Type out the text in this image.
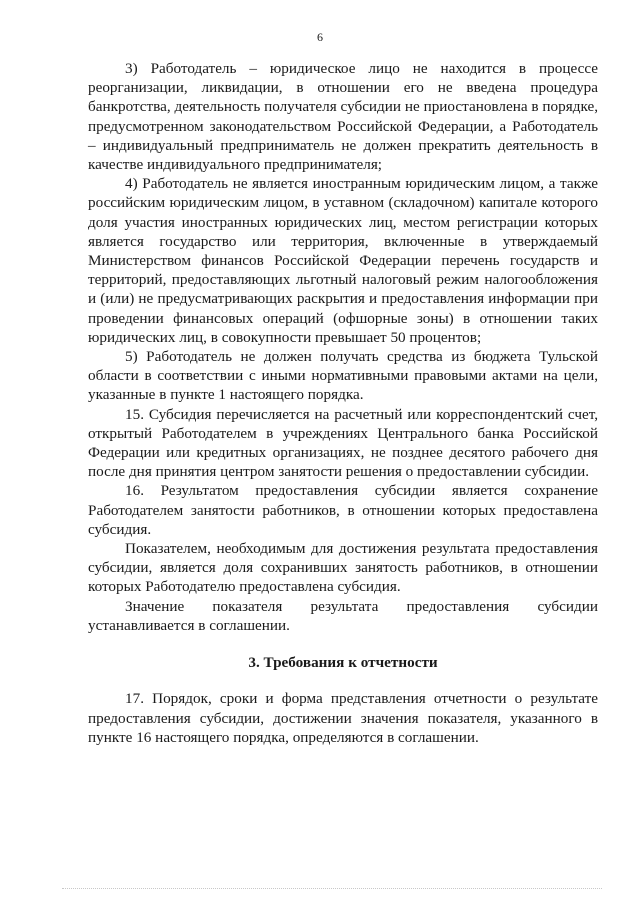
6

3) Работодатель – юридическое лицо не находится в процессе реорганизации, ликвидации, в отношении его не введена процедура банкротства, деятельность получателя субсидии не приостановлена в порядке, предусмотренном законодательством Российской Федерации, а Работодатель – индивидуальный предприниматель не должен прекратить деятельность в качестве индивидуального предпринимателя;

4) Работодатель не является иностранным юридическим лицом, а также российским юридическим лицом, в уставном (складочном) капитале которого доля участия иностранных юридических лиц, местом регистрации которых является государство или территория, включенные в утверждаемый Министерством финансов Российской Федерации перечень государств и территорий, предоставляющих льготный налоговый режим налогообложения и (или) не предусматривающих раскрытия и предоставления информации при проведении финансовых операций (офшорные зоны) в отношении таких юридических лиц, в совокупности превышает 50 процентов;

5) Работодатель не должен получать средства из бюджета Тульской области в соответствии с иными нормативными правовыми актами на цели, указанные в пункте 1 настоящего порядка.

15. Субсидия перечисляется на расчетный или корреспондентский счет, открытый Работодателем в учреждениях Центрального банка Российской Федерации или кредитных организациях, не позднее десятого рабочего дня после дня принятия центром занятости решения о предоставлении субсидии.

16. Результатом предоставления субсидии является сохранение Работодателем занятости работников, в отношении которых предоставлена субсидия.

Показателем, необходимым для достижения результата предоставления субсидии, является доля сохранивших занятость работников, в отношении которых Работодателю предоставлена субсидия.

Значение показателя результата предоставления субсидии устанавливается в соглашении.

3. Требования к отчетности

17. Порядок, сроки и форма представления отчетности о результате предоставления субсидии, достижении значения показателя, указанного в пункте 16 настоящего порядка, определяются в соглашении.
